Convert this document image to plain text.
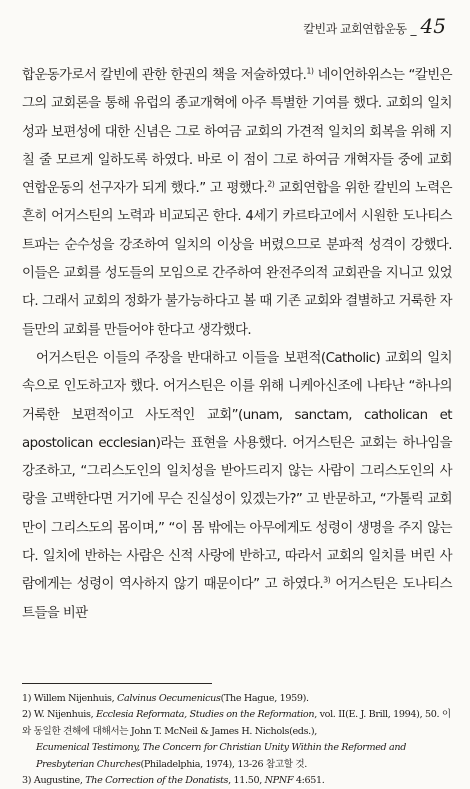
칼빈과 교회연합운동 _ 45

합운동가로서 칼빈에 관한 한권의 책을 저술하였다.$^{1)}$ 네이언하위스는 “칼빈은 그의 교회론을 통해 유럽의 종교개혁에 아주 특별한 기여를 했다. 교회의 일치성과 보편성에 대한 신념은 그로 하여금 교회의 가견적 일치의 회복을 위해 지칠 줄 모르게 일하도록 하였다. 바로 이 점이 그로 하여금 개혁자들 중에 교회 연합운동의 선구자가 되게 했다.” 고 평했다.$^{2)}$ 교회연합을 위한 칼빈의 노력은 흔히 어거스틴의 노력과 비교되곤 한다. 4세기 카르타고에서 시원한 도나티스트파는 순수성을 강조하여 일치의 이상을 버렸으므로 분파적 성격이 강했다. 이들은 교회를 성도들의 모임으로 간주하여 완전주의적 교회관을 지니고 있었다. 그래서 교회의 정화가 불가능하다고 볼 때 기존 교회와 결별하고 거룩한 자들만의 교회를 만들어야 한다고 생각했다.

어거스틴은 이들의 주장을 반대하고 이들을 보편적(Catholic) 교회의 일치 속으로 인도하고자 했다. 어거스틴은 이를 위해 니케아신조에 나타난 “하나의 거룩한 보편적이고 사도적인 교회”(unam, sanctam, catholican et apostolican ecclesian)라는 표현을 사용했다. 어거스틴은 교회는 하나임을 강조하고, “그리스도인의 일치성을 받아드리지 않는 사람이 그리스도인의 사랑을 고백한다면 거기에 무슨 진실성이 있겠는가?” 고 반문하고, “가톨릭 교회만이 그리스도의 몸이며,” “이 몸 밖에는 아무에게도 성령이 생명을 주지 않는다. 일치에 반하는 사람은 신적 사랑에 반하고, 따라서 교회의 일치를 버린 사람에게는 성령이 역사하지 않기 때문이다” 고 하였다.$^{3)}$ 어거스틴은 도나티스트들을 비판

1) Willem Nijenhuis, Calvinus Oecumenicus(The Hague, 1959).

2) W. Nijenhuis, Ecclesia Reformata, Studies on the Reformation, vol. II(E. J. Brill, 1994), 50. 이와 동일한 견해에 대해서는 John T. McNeil & James H. Nichols(eds.),
Ecumenical Testimony, The Concern for Christian Unity Within the Reformed and Presbyterian Churches(Philadelphia, 1974), 13-26 참고할 것.

3) Augustine, The Correction of the Donatists, 11.50, NPNF 4:651.
